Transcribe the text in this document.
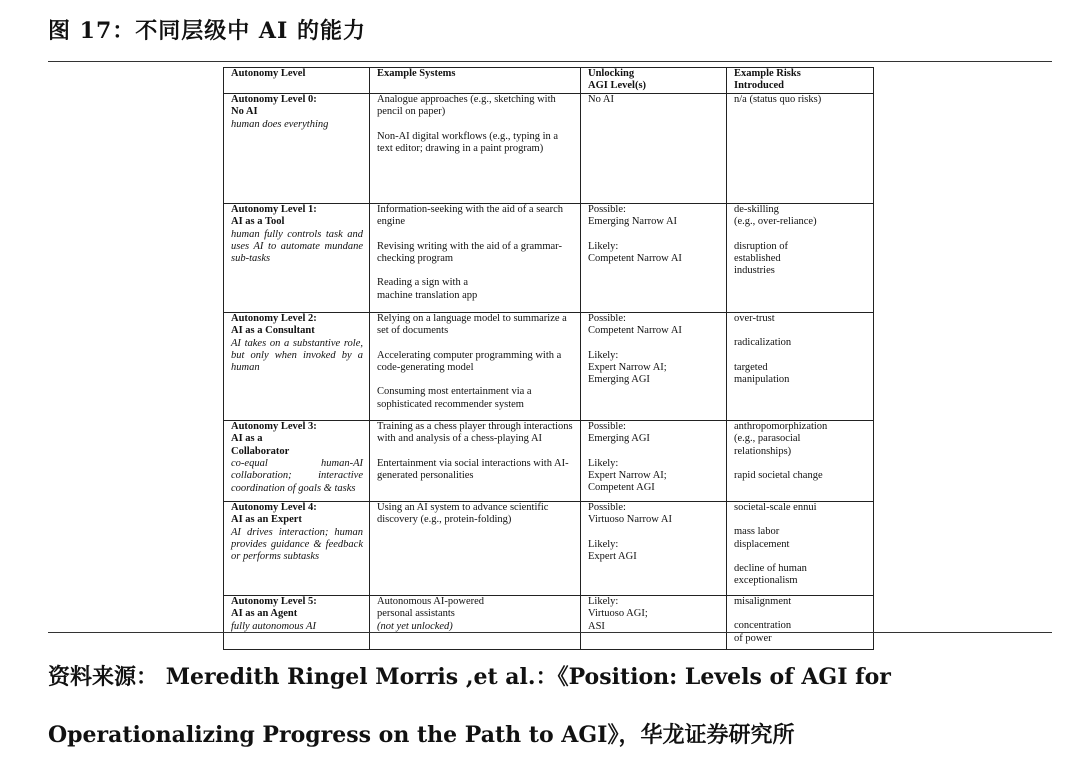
图 17：不同层级中 AI 的能力
Autonomy Level	Example Systems	Unlocking
AGI Level(s)	Example Risks
Introduced

Autonomy Level 0:
No AI
human does everything	Analogue approaches (e.g., sketching with pencil on paper)
Non-AI digital workflows (e.g., typing in a text editor; drawing in a paint program)	No AI	n/a (status quo risks)

Autonomy Level 1:
AI as a Tool
human fully controls task and uses AI to automate mundane sub-tasks	Information-seeking with the aid of a search engine
Revising writing with the aid of a grammar-checking program
Reading a sign with a machine translation app	Possible:
Emerging Narrow AI
Likely:
Competent Narrow AI	de-skilling
(e.g., over-reliance)
disruption of established industries

Autonomy Level 2:
AI as a Consultant
AI takes on a substantive role, but only when invoked by a human	Relying on a language model to summarize a set of documents
Accelerating computer programming with a code-generating model
Consuming most entertainment via a sophisticated recommender system	Possible:
Competent Narrow AI
Likely:
Expert Narrow AI;
Emerging AGI	over-trust
radicalization
targeted
manipulation

Autonomy Level 3:
AI as a
Collaborator
co-equal human-AI collaboration; interactive coordination of goals & tasks	Training as a chess player through interactions with and analysis of a chess-playing AI
Entertainment via social interactions with AI-generated personalities	Possible:
Emerging AGI
Likely:
Expert Narrow AI;
Competent AGI	anthropomorphization
(e.g., parasocial
relationships)
rapid societal change

Autonomy Level 4:
AI as an Expert
AI drives interaction; human provides guidance & feedback or performs subtasks	Using an AI system to advance scientific discovery (e.g., protein-folding)	Possible:
Virtuoso Narrow AI
Likely:
Expert AGI	societal-scale ennui
mass labor
displacement
decline of human exceptionalism

Autonomy Level 5:
AI as an Agent
fully autonomous AI	Autonomous AI-powered
personal assistants
(not yet unlocked)	Likely:
Virtuoso AGI;
ASI	misalignment
concentration
of power

资料来源： Meredith Ringel Morris ,et al.：《Position: Levels of AGI for Operationalizing Progress on the Path to AGI》，华龙证券研究所
